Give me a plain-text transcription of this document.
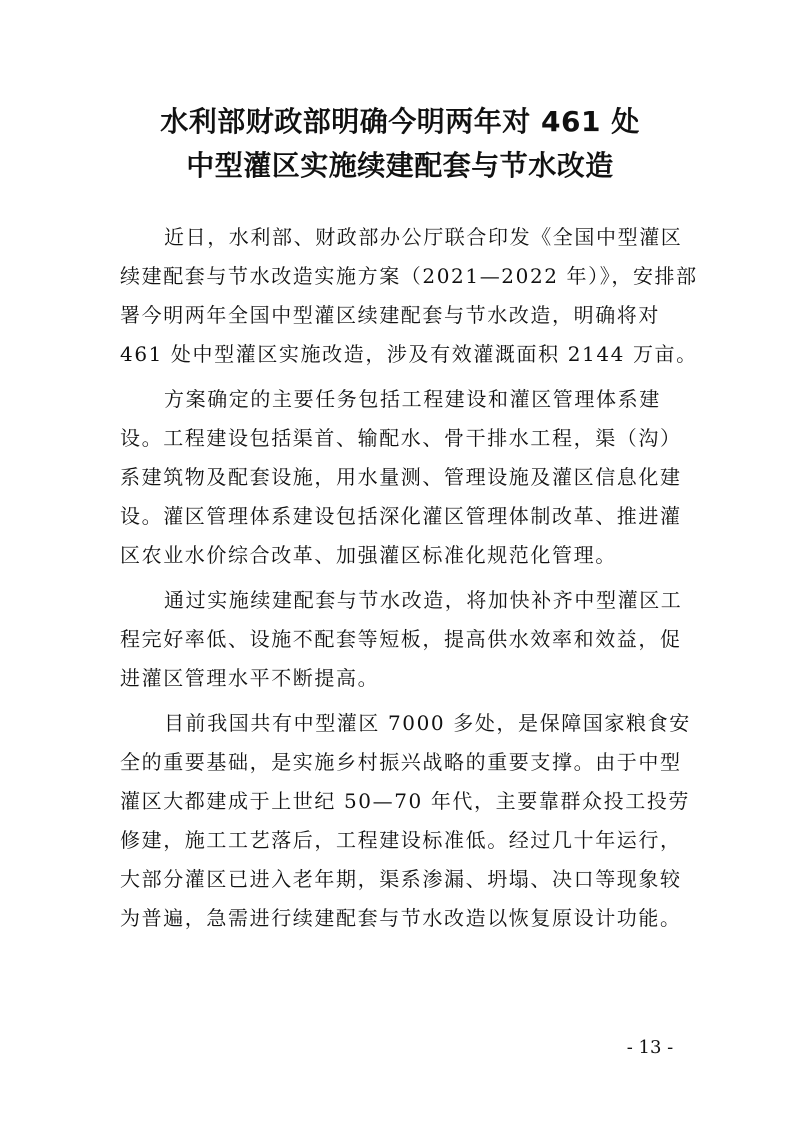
水利部财政部明确今明两年对 461 处
中型灌区实施续建配套与节水改造

近日，水利部、财政部办公厅联合印发《全国中型灌区
续建配套与节水改造实施方案（2021—2022 年）》，安排部
署今明两年全国中型灌区续建配套与节水改造，明确将对
461 处中型灌区实施改造，涉及有效灌溉面积 2144 万亩。

方案确定的主要任务包括工程建设和灌区管理体系建
设。工程建设包括渠首、输配水、骨干排水工程，渠（沟）
系建筑物及配套设施，用水量测、管理设施及灌区信息化建
设。灌区管理体系建设包括深化灌区管理体制改革、推进灌
区农业水价综合改革、加强灌区标准化规范化管理。

通过实施续建配套与节水改造，将加快补齐中型灌区工
程完好率低、设施不配套等短板，提高供水效率和效益，促
进灌区管理水平不断提高。

目前我国共有中型灌区 7000 多处，是保障国家粮食安
全的重要基础，是实施乡村振兴战略的重要支撑。由于中型
灌区大都建成于上世纪 50—70 年代，主要靠群众投工投劳
修建，施工工艺落后，工程建设标准低。经过几十年运行，
大部分灌区已进入老年期，渠系渗漏、坍塌、决口等现象较
为普遍，急需进行续建配套与节水改造以恢复原设计功能。

- 13 -
